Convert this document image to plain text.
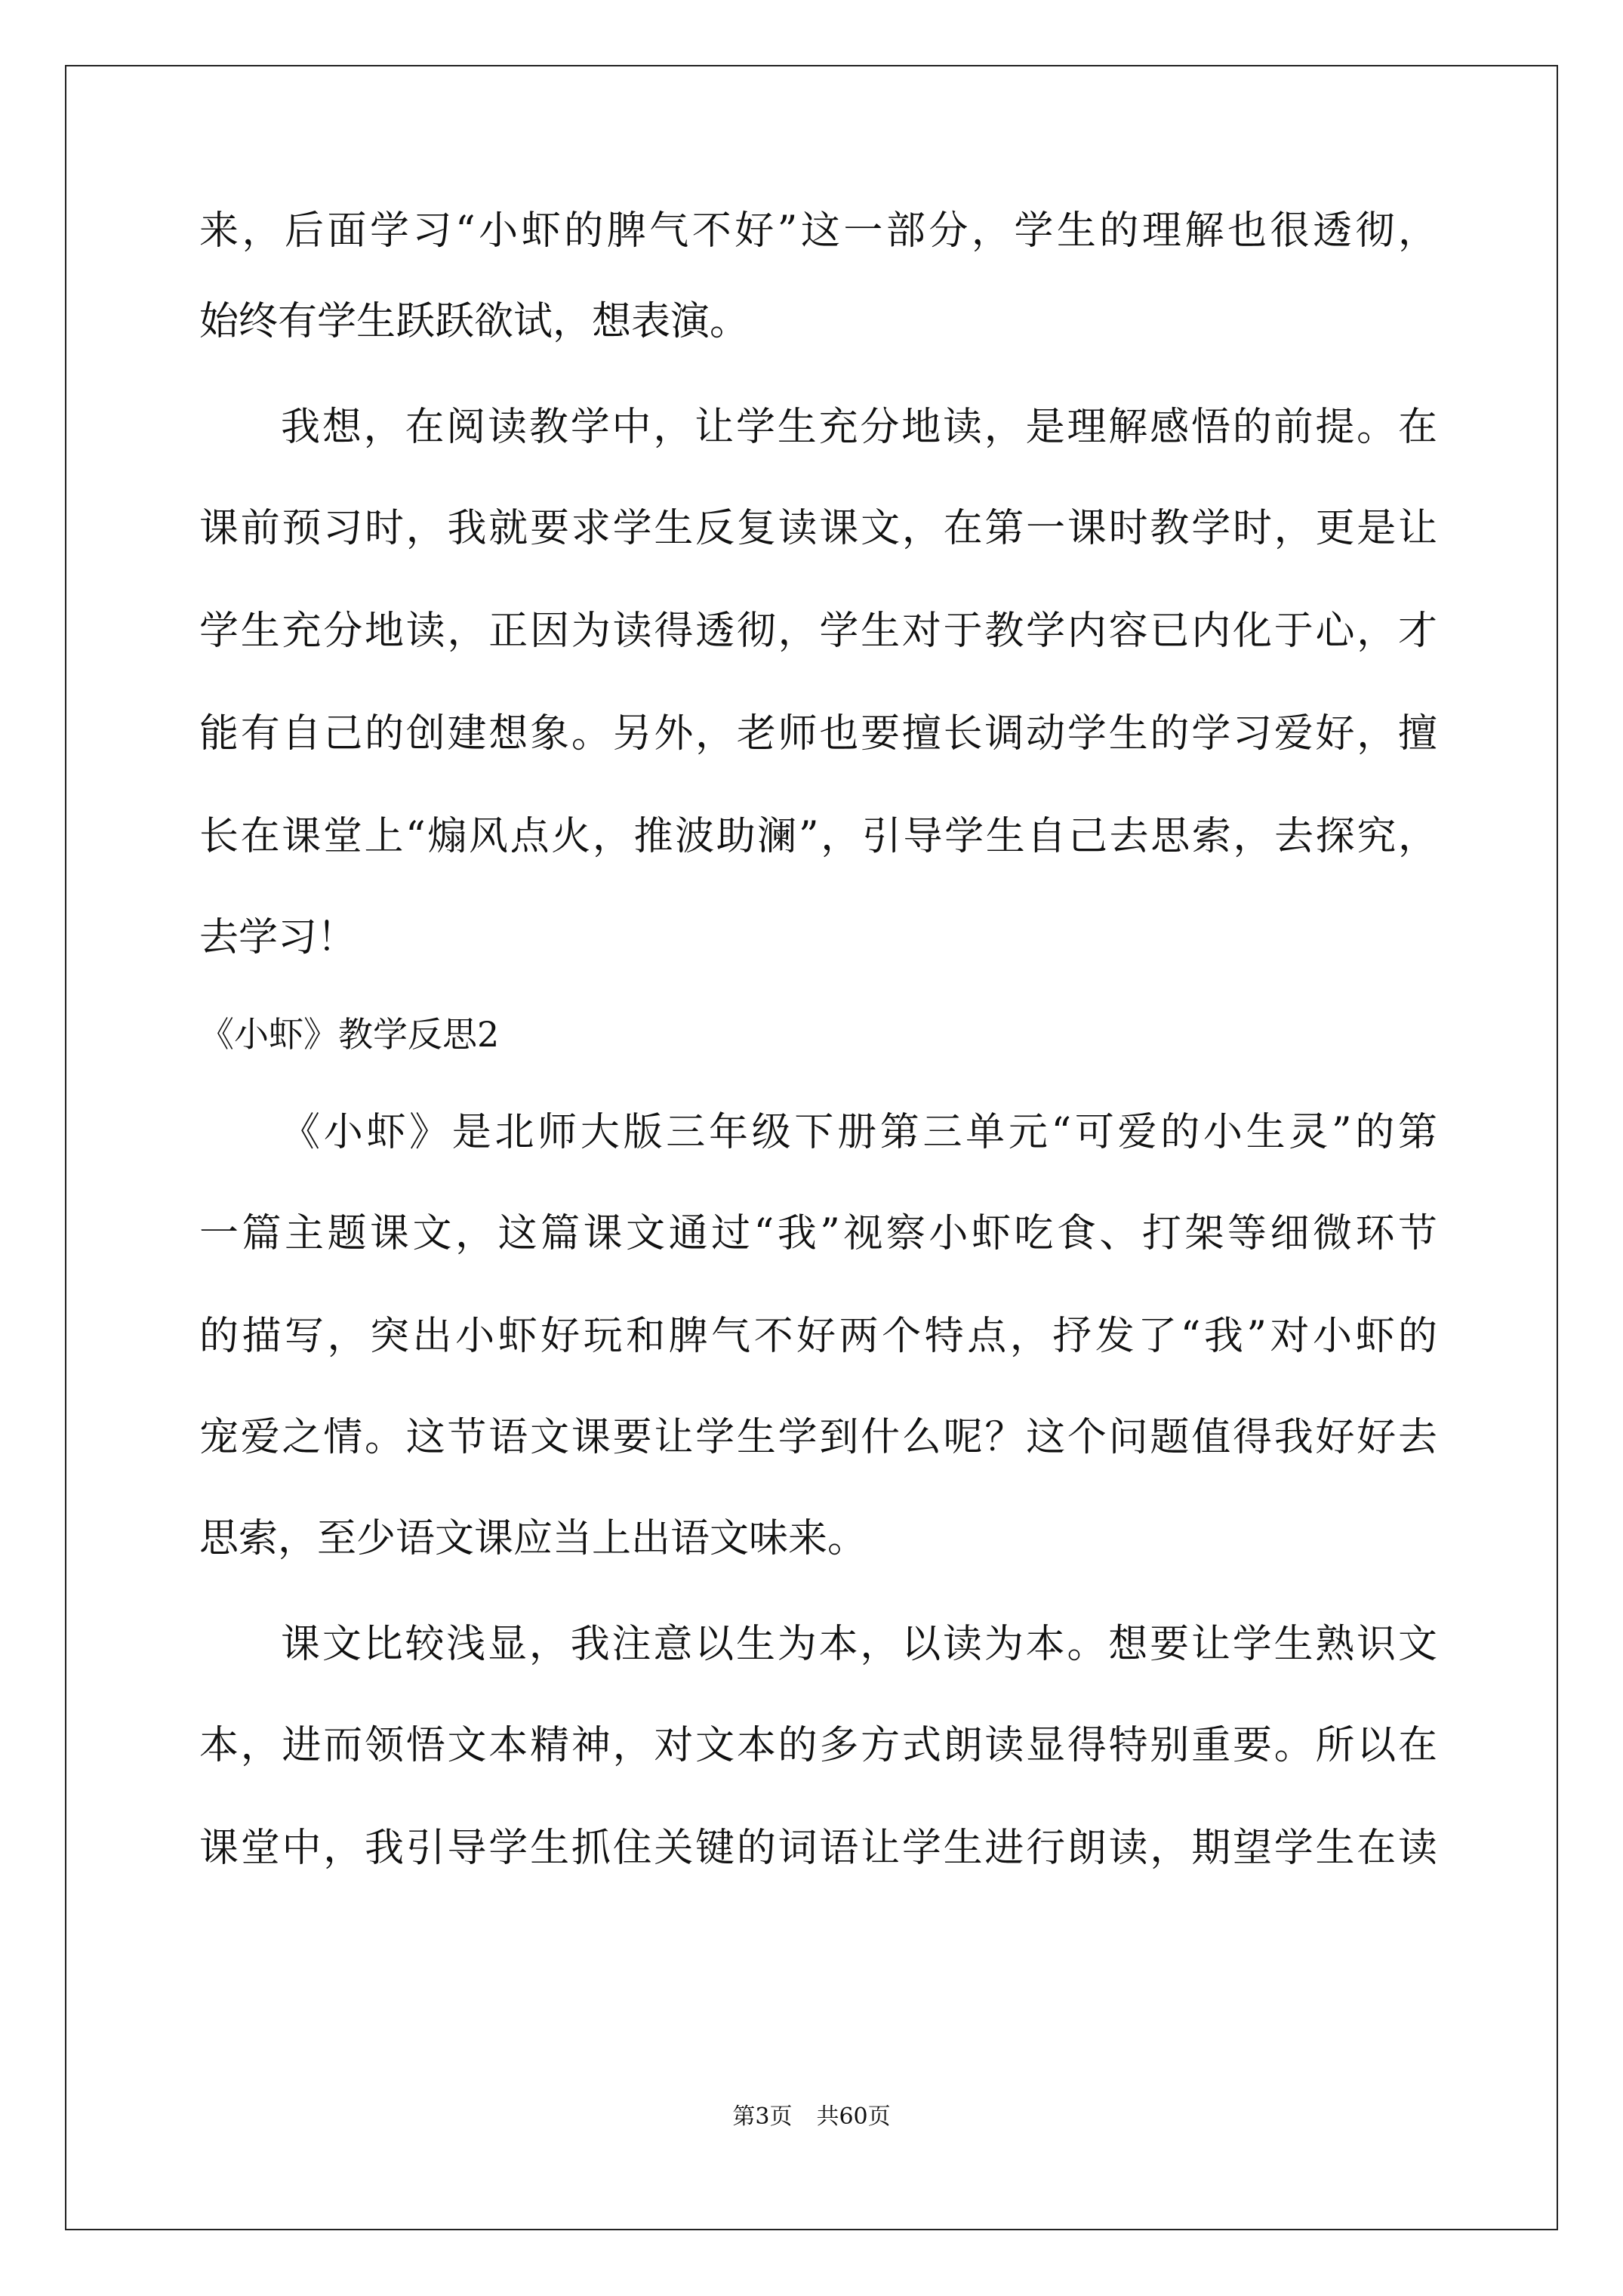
来，后面学习“小虾的脾气不好”这一部分，学生的理解也很透彻，
始终有学生跃跃欲试，想表演。
我想，在阅读教学中，让学生充分地读，是理解感悟的前提。在
课前预习时，我就要求学生反复读课文，在第一课时教学时，更是让
学生充分地读，正因为读得透彻，学生对于教学内容已内化于心，才
能有自己的创建想象。另外，老师也要擅长调动学生的学习爱好，擅
长在课堂上“煽风点火，推波助澜”，引导学生自己去思索，去探究，
去学习！
《小虾》教学反思2
《小虾》是北师大版三年级下册第三单元“可爱的小生灵”的第
一篇主题课文，这篇课文通过“我”视察小虾吃食、打架等细微环节
的描写，突出小虾好玩和脾气不好两个特点，抒发了“我”对小虾的
宠爱之情。这节语文课要让学生学到什么呢？这个问题值得我好好去
思索，至少语文课应当上出语文味来。
课文比较浅显，我注意以生为本，以读为本。想要让学生熟识文
本，进而领悟文本精神，对文本的多方式朗读显得特别重要。所以在
课堂中，我引导学生抓住关键的词语让学生进行朗读，期望学生在读
第3页 共60页
